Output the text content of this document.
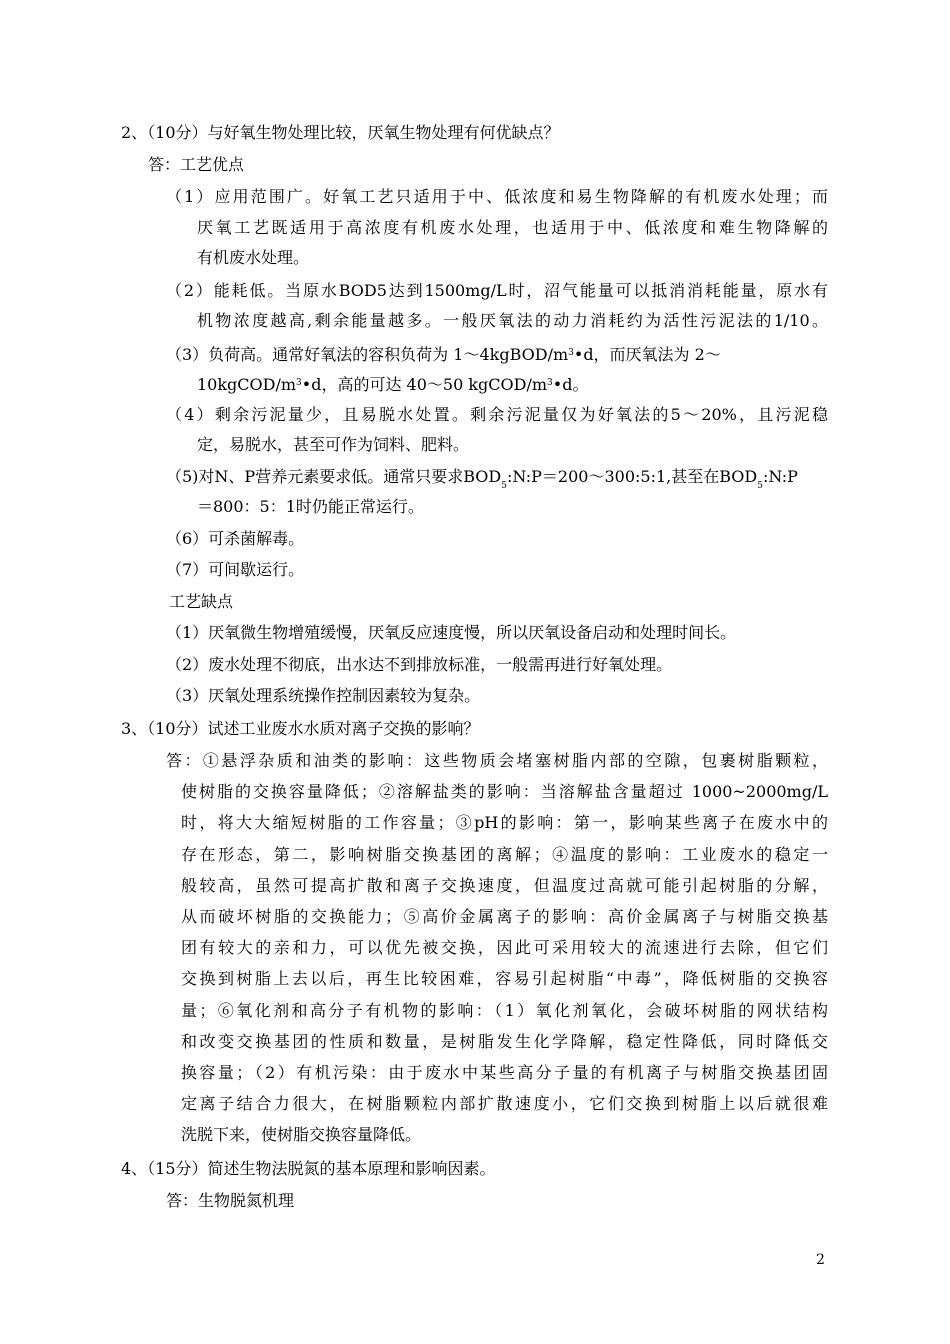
2、（10分）与好氧生物处理比较，厌氧生物处理有何优缺点？

答：工艺优点

（1）应用范围广。好氧工艺只适用于中、低浓度和易生物降解的有机废水处理；而

厌氧工艺既适用于高浓度有机废水处理，也适用于中、低浓度和难生物降解的

有机废水处理。

（2）能耗低。当原水BOD5达到1500mg/L时，沼气能量可以抵消消耗能量，原水有

机物浓度越高,剩余能量越多。一般厌氧法的动力消耗约为活性污泥法的1/10。

（3）负荷高。通常好氧法的容积负荷为 $1\sim 4kgBOD/m^3•d$，而厌氧法为 2～

$10kgCOD/m^3•d$，高的可达 40～50 kgCOD/$m^3•d$。

（4）剩余污泥量少，且易脱水处置。剩余污泥量仅为好氧法的5～20%，且污泥稳

定，易脱水，甚至可作为饲料、肥料。

（5)对N、P营养元素要求低。通常只要求$BOD_5:N:P=200\sim 300:5:1$,甚至在$BOD_5:N:P$

＝800：5：1时仍能正常运行。

（6）可杀菌解毒。

（7）可间歇运行。

工艺缺点

（1）厌氧微生物增殖缓慢，厌氧反应速度慢，所以厌氧设备启动和处理时间长。

（2）废水处理不彻底，出水达不到排放标准，一般需再进行好氧处理。

（3）厌氧处理系统操作控制因素较为复杂。

3、（10分）试述工业废水水质对离子交换的影响？

答：①悬浮杂质和油类的影响：这些物质会堵塞树脂内部的空隙，包裹树脂颗粒，

使树脂的交换容量降低；②溶解盐类的影响：当溶解盐含量超过 1000~2000mg/L

时，将大大缩短树脂的工作容量；③pH的影响：第一，影响某些离子在废水中的

存在形态，第二，影响树脂交换基团的离解；④温度的影响：工业废水的稳定一

般较高，虽然可提高扩散和离子交换速度，但温度过高就可能引起树脂的分解，

从而破坏树脂的交换能力；⑤高价金属离子的影响：高价金属离子与树脂交换基

团有较大的亲和力，可以优先被交换，因此可采用较大的流速进行去除，但它们

交换到树脂上去以后，再生比较困难，容易引起树脂“中毒”，降低树脂的交换容

量；⑥氧化剂和高分子有机物的影响：（1）氧化剂氧化，会破坏树脂的网状结构

和改变交换基团的性质和数量，是树脂发生化学降解，稳定性降低，同时降低交

换容量；（2）有机污染：由于废水中某些高分子量的有机离子与树脂交换基团固

定离子结合力很大，在树脂颗粒内部扩散速度小，它们交换到树脂上以后就很难

洗脱下来，使树脂交换容量降低。

4、（15分）简述生物法脱氮的基本原理和影响因素。

答：生物脱氮机理

2
